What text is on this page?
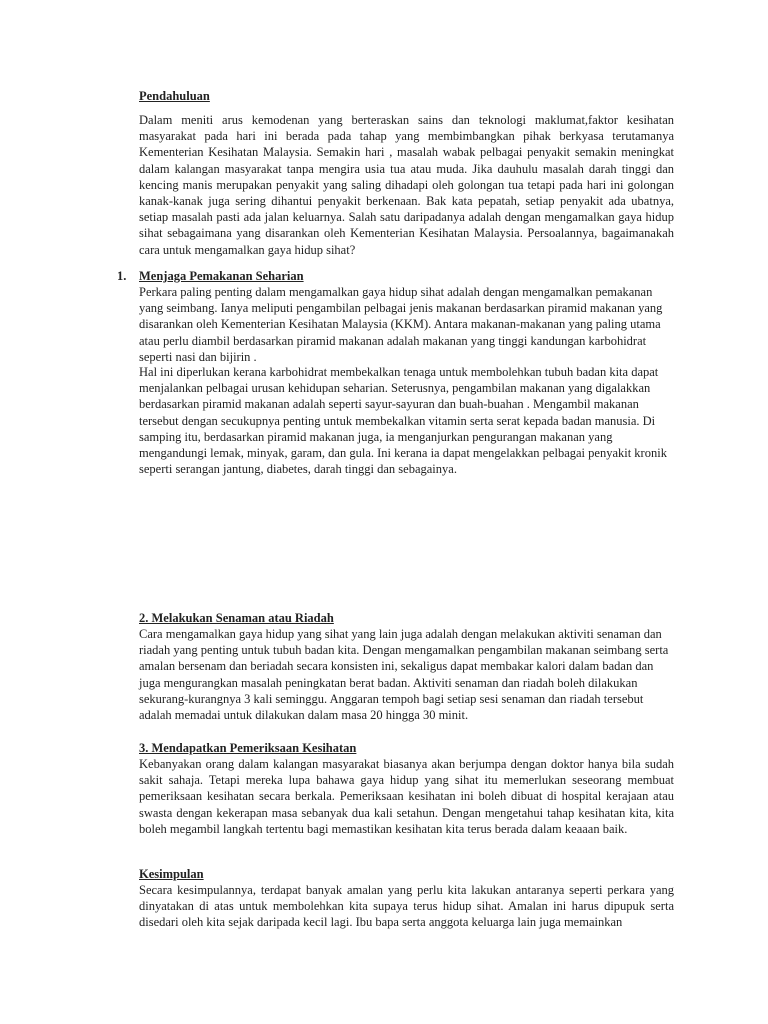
Pendahuluan

Dalam meniti arus kemodenan yang berteraskan sains dan teknologi maklumat,faktor kesihatan masyarakat pada hari ini berada pada tahap yang membimbangkan pihak berkyasa terutamanya Kementerian Kesihatan Malaysia. Semakin hari , masalah wabak pelbagai penyakit semakin meningkat dalam kalangan masyarakat tanpa mengira usia tua atau muda. Jika dauhulu masalah darah tinggi dan kencing manis merupakan penyakit yang saling dihadapi oleh golongan tua tetapi pada hari ini golongan kanak-kanak juga sering dihantui penyakit berkenaan. Bak kata pepatah, setiap penyakit ada ubatnya, setiap masalah pasti ada jalan keluarnya. Salah satu daripadanya adalah dengan mengamalkan gaya hidup sihat sebagaimana yang disarankan oleh Kementerian Kesihatan Malaysia. Persoalannya, bagaimanakah cara untuk mengamalkan gaya hidup sihat?

1. Menjaga Pemakanan Seharian

Perkara paling penting dalam mengamalkan gaya hidup sihat adalah dengan mengamalkan pemakanan yang seimbang. Ianya meliputi pengambilan pelbagai jenis makanan berdasarkan piramid makanan yang disarankan oleh Kementerian Kesihatan Malaysia (KKM). Antara makanan-makanan yang paling utama atau perlu diambil berdasarkan piramid makanan adalah makanan yang tinggi kandungan karbohidrat seperti nasi dan bijirin .

Hal ini diperlukan kerana karbohidrat membekalkan tenaga untuk membolehkan tubuh badan kita dapat menjalankan pelbagai urusan kehidupan seharian. Seterusnya, pengambilan makanan yang digalakkan berdasarkan piramid makanan adalah seperti sayur-sayuran dan buah-buahan . Mengambil makanan tersebut dengan secukupnya penting untuk membekalkan vitamin serta serat kepada badan manusia. Di samping itu, berdasarkan piramid makanan juga, ia menganjurkan pengurangan makanan yang mengandungi lemak, minyak, garam, dan gula. Ini kerana ia dapat mengelakkan pelbagai penyakit kronik seperti serangan jantung, diabetes, darah tinggi dan sebagainya.

2. Melakukan Senaman atau Riadah

Cara mengamalkan gaya hidup yang sihat yang lain juga adalah dengan melakukan aktiviti senaman dan riadah yang penting untuk tubuh badan kita. Dengan mengamalkan pengambilan makanan seimbang serta amalan bersenam dan beriadah secara konsisten ini, sekaligus dapat membakar kalori dalam badan dan juga mengurangkan masalah peningkatan berat badan. Aktiviti senaman dan riadah boleh dilakukan sekurang-kurangnya 3 kali seminggu. Anggaran tempoh bagi setiap sesi senaman dan riadah tersebut adalah memadai untuk dilakukan dalam masa 20 hingga 30 minit.

3. Mendapatkan Pemeriksaan Kesihatan

Kebanyakan orang dalam kalangan masyarakat biasanya akan berjumpa dengan doktor hanya bila sudah sakit sahaja. Tetapi mereka lupa bahawa gaya hidup yang sihat itu memerlukan seseorang membuat pemeriksaan kesihatan secara berkala. Pemeriksaan kesihatan ini boleh dibuat di hospital kerajaan atau swasta dengan kekerapan masa sebanyak dua kali setahun. Dengan mengetahui tahap kesihatan kita, kita boleh megambil langkah tertentu bagi memastikan kesihatan kita terus berada dalam keaaan baik.

Kesimpulan

Secara kesimpulannya, terdapat banyak amalan yang perlu kita lakukan antaranya seperti perkara yang dinyatakan di atas untuk membolehkan kita supaya terus hidup sihat. Amalan ini harus dipupuk serta disedari oleh kita sejak daripada kecil lagi. Ibu bapa serta anggota keluarga lain juga memainkan
